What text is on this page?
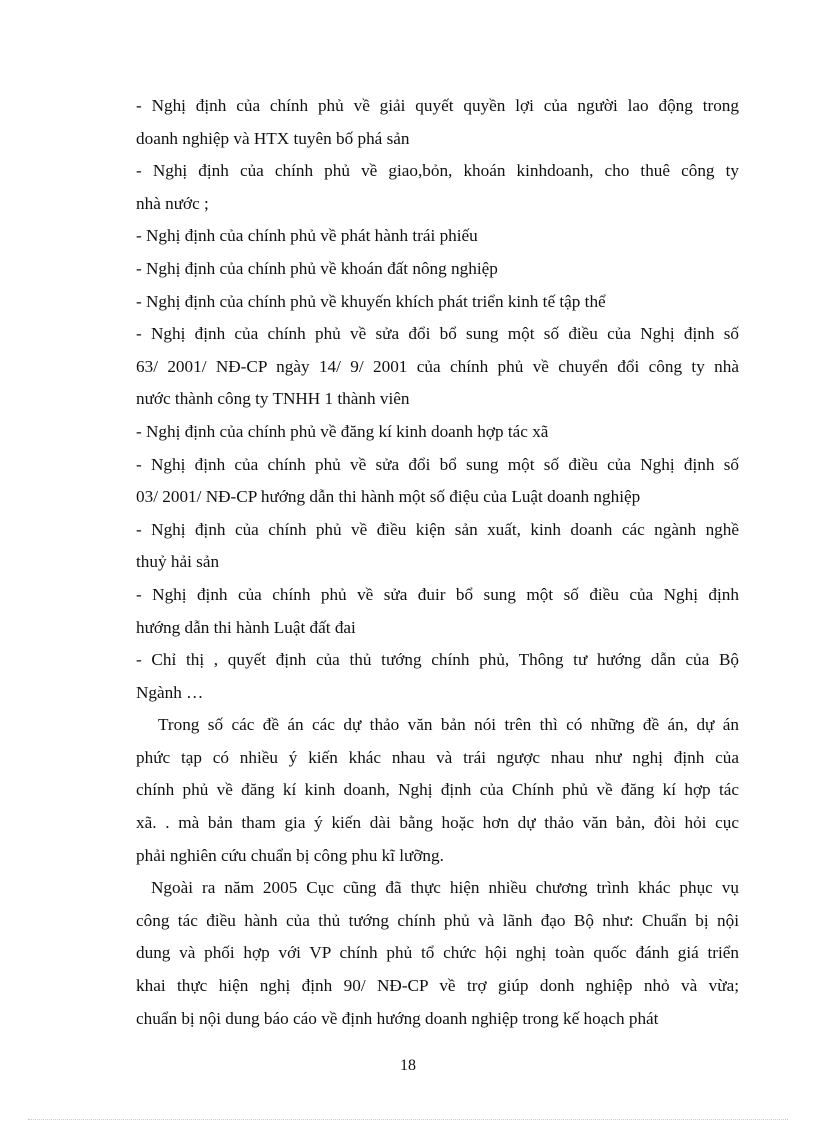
- Nghị định của chính phủ về giải quyết quyền lợi của người lao động trong
doanh nghiệp và HTX tuyên bố phá sản
- Nghị định của chính phủ về giao,bỏn, khoán kinhdoanh, cho thuê công ty
nhà nước ;
- Nghị định của chính phủ về phát hành trái phiếu
- Nghị định của chính phủ về khoán đất nông nghiệp
- Nghị định của chính phủ về khuyến khích phát triển kinh tế tập thể
- Nghị định của chính phủ về sửa đổi bổ sung một số điều của Nghị định số
63/ 2001/ NĐ-CP ngày 14/ 9/ 2001 của chính phủ về chuyển đổi công ty nhà
nước thành công ty TNHH 1 thành viên
- Nghị định của chính phủ về đăng kí kinh doanh hợp tác xã
- Nghị định của chính phủ về sửa đổi bổ sung một số điều của Nghị định số
03/ 2001/ NĐ-CP hướng dẫn thi hành một số điệu của Luật doanh nghiệp
- Nghị định của chính phủ về điều kiện sản xuất, kinh doanh các ngành nghề
thuỷ hải sản
- Nghị định của chính phủ về sửa đuir bổ sung một số điều của Nghị định
hướng dẫn thi hành Luật đất đai
- Chỉ thị , quyết định của thủ tướng chính phủ, Thông tư hướng dẫn của Bộ
Ngành …
Trong số các đề án các dự thảo văn bản nói trên thì có những đề án, dự án
phức tạp có nhiều ý kiến khác nhau và trái ngược nhau như nghị định của
chính phủ về đăng kí kinh doanh, Nghị định của Chính phủ về đăng kí hợp tác
xã. . mà bản tham gia ý kiến dài bằng hoặc hơn dự thảo văn bản, đòi hỏi cục
phải nghiên cứu chuẩn bị công phu kĩ lưỡng.
Ngoài ra năm 2005 Cục cũng đã thực hiện nhiều chương trình khác phục vụ
công tác điều hành của thủ tướng chính phủ và lãnh đạo Bộ như: Chuẩn bị nội
dung và phối hợp với VP chính phủ tổ chức hội nghị toàn quốc đánh giá triển
khai thực hiện nghị định 90/ NĐ-CP về trợ giúp donh nghiệp nhỏ và vừa;
chuẩn bị nội dung báo cáo về định hướng doanh nghiệp trong kế hoạch phát
18
